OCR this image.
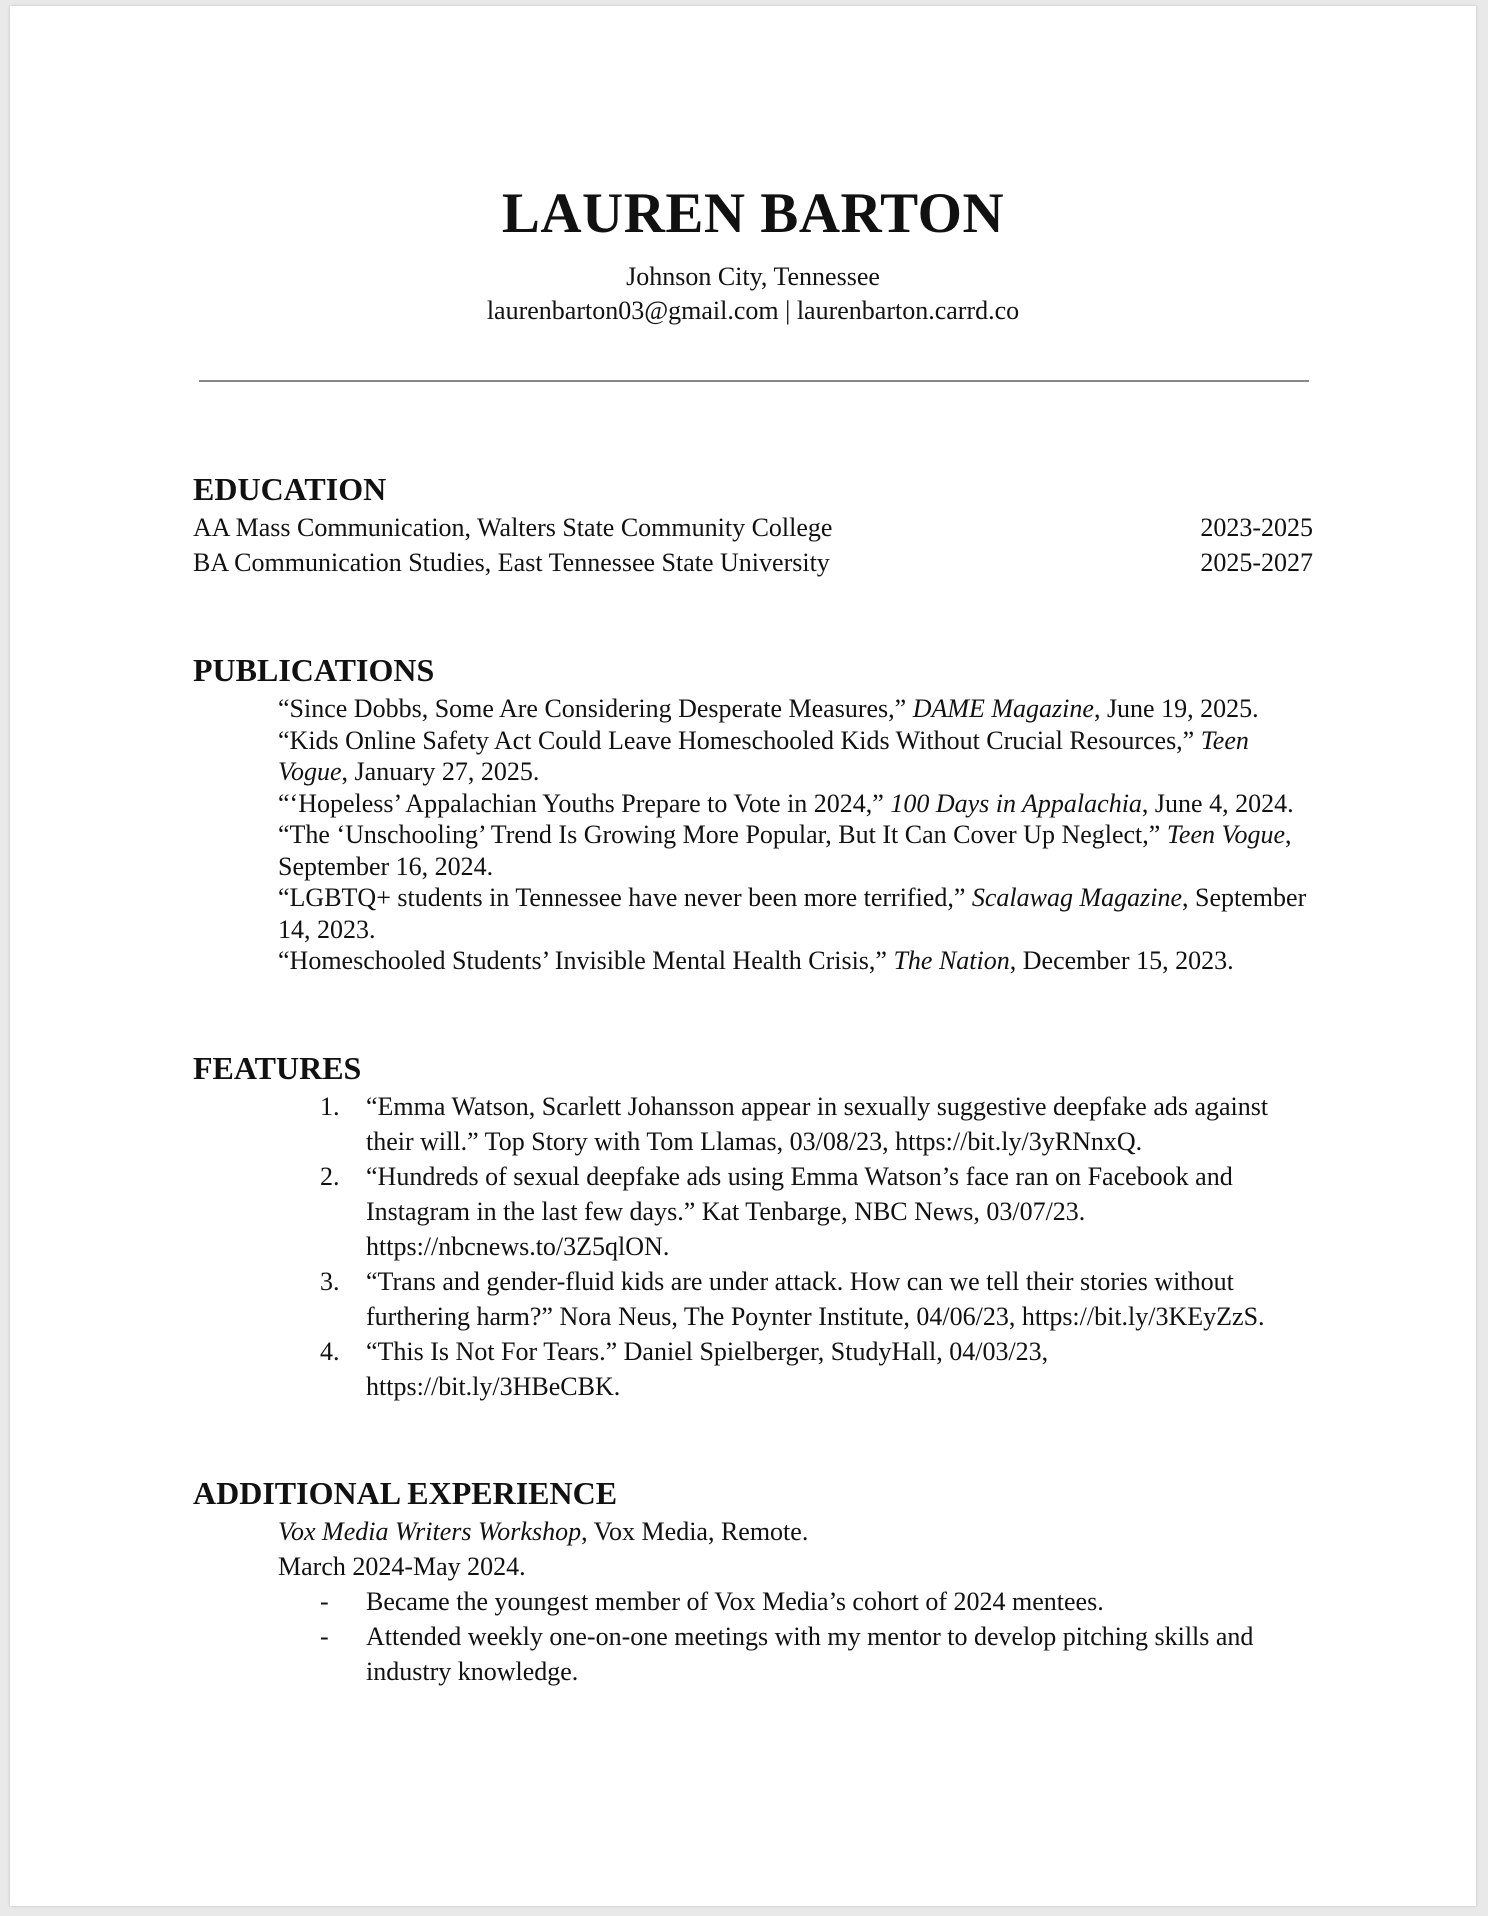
LAUREN BARTON
Johnson City, Tennessee
laurenbarton03@gmail.com | laurenbarton.carrd.co
EDUCATION
AA Mass Communication, Walters State Community College	2023-2025
BA Communication Studies, East Tennessee State University	2025-2027
PUBLICATIONS

“Since Dobbs, Some Are Considering Desperate Measures,” DAME Magazine, June 19, 2025.

“Kids Online Safety Act Could Leave Homeschooled Kids Without Crucial Resources,” Teen Vogue, January 27, 2025.

“‘Hopeless’ Appalachian Youths Prepare to Vote in 2024,” 100 Days in Appalachia, June 4, 2024.

“The ‘Unschooling’ Trend Is Growing More Popular, But It Can Cover Up Neglect,” Teen Vogue, September 16, 2024.

“LGBTQ+ students in Tennessee have never been more terrified,” Scalawag Magazine, September 14, 2023.

“Homeschooled Students’ Invisible Mental Health Crisis,” The Nation, December 15, 2023.

FEATURES
1. “Emma Watson, Scarlett Johansson appear in sexually suggestive deepfake ads against their will.” Top Story with Tom Llamas, 03/08/23, https://bit.ly/3yRNnxQ.
2. “Hundreds of sexual deepfake ads using Emma Watson’s face ran on Facebook and Instagram in the last few days.” Kat Tenbarge, NBC News, 03/07/23. https://nbcnews.to/3Z5qlON.
3. “Trans and gender-fluid kids are under attack. How can we tell their stories without furthering harm?” Nora Neus, The Poynter Institute, 04/06/23, https://bit.ly/3KEyZzS.
4. “This Is Not For Tears.” Daniel Spielberger, StudyHall, 04/03/23, https://bit.ly/3HBeCBK.
ADDITIONAL EXPERIENCE
Vox Media Writers Workshop, Vox Media, Remote.
March 2024-May 2024.
- Became the youngest member of Vox Media’s cohort of 2024 mentees.
- Attended weekly one-on-one meetings with my mentor to develop pitching skills and industry knowledge.
